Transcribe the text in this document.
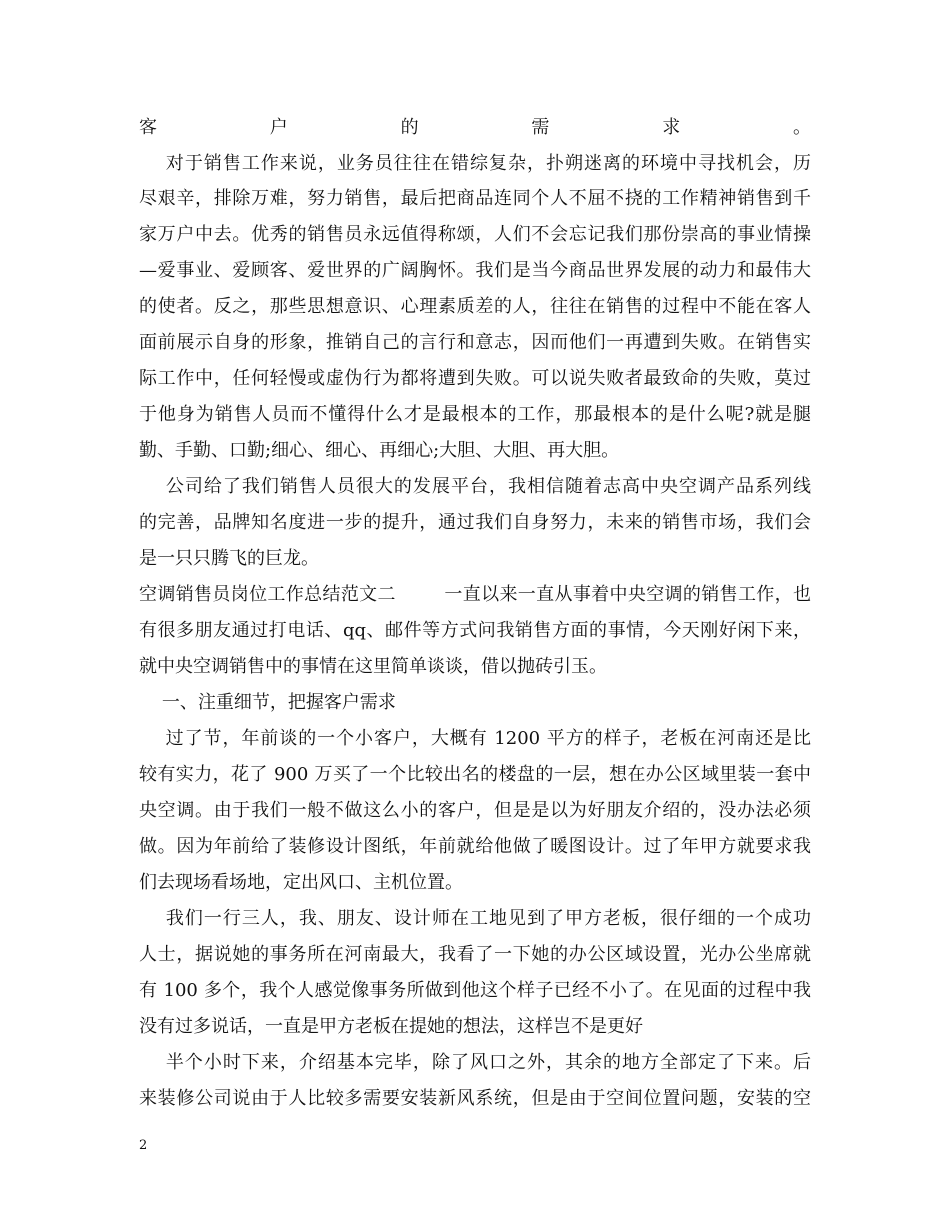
客户的需求。
对于销售工作来说，业务员往往在错综复杂，扑朔迷离的环境中寻找机会，历
尽艰辛，排除万难，努力销售，最后把商品连同个人不屈不挠的工作精神销售到千
家万户中去。优秀的销售员永远值得称颂，人们不会忘记我们那份崇高的事业情操
—爱事业、爱顾客、爱世界的广阔胸怀。我们是当今商品世界发展的动力和最伟大
的使者。反之，那些思想意识、心理素质差的人，往往在销售的过程中不能在客人
面前展示自身的形象，推销自己的言行和意志，因而他们一再遭到失败。在销售实
际工作中，任何轻慢或虚伪行为都将遭到失败。可以说失败者最致命的失败，莫过
于他身为销售人员而不懂得什么才是最根本的工作，那最根本的是什么呢?就是腿
勤、手勤、口勤;细心、细心、再细心;大胆、大胆、再大胆。
公司给了我们销售人员很大的发展平台，我相信随着志高中央空调产品系列线
的完善，品牌知名度进一步的提升，通过我们自身努力，未来的销售市场，我们会
是一只只腾飞的巨龙。
空调销售员岗位工作总结范文二        一直以来一直从事着中央空调的销售工作，也
有很多朋友通过打电话、qq、邮件等方式问我销售方面的事情，今天刚好闲下来，
就中央空调销售中的事情在这里简单谈谈，借以抛砖引玉。
一、注重细节，把握客户需求
过了节，年前谈的一个小客户，大概有 1200 平方的样子，老板在河南还是比
较有实力，花了 900 万买了一个比较出名的楼盘的一层，想在办公区域里装一套中
央空调。由于我们一般不做这么小的客户，但是是以为好朋友介绍的，没办法必须
做。因为年前给了装修设计图纸，年前就给他做了暖图设计。过了年甲方就要求我
们去现场看场地，定出风口、主机位置。
我们一行三人，我、朋友、设计师在工地见到了甲方老板，很仔细的一个成功
人士，据说她的事务所在河南最大，我看了一下她的办公区域设置，光办公坐席就
有 100 多个，我个人感觉像事务所做到他这个样子已经不小了。在见面的过程中我
没有过多说话，一直是甲方老板在提她的想法，这样岂不是更好
半个小时下来，介绍基本完毕，除了风口之外，其余的地方全部定了下来。后
来装修公司说由于人比较多需要安装新风系统，但是由于空间位置问题，安装的空
2
